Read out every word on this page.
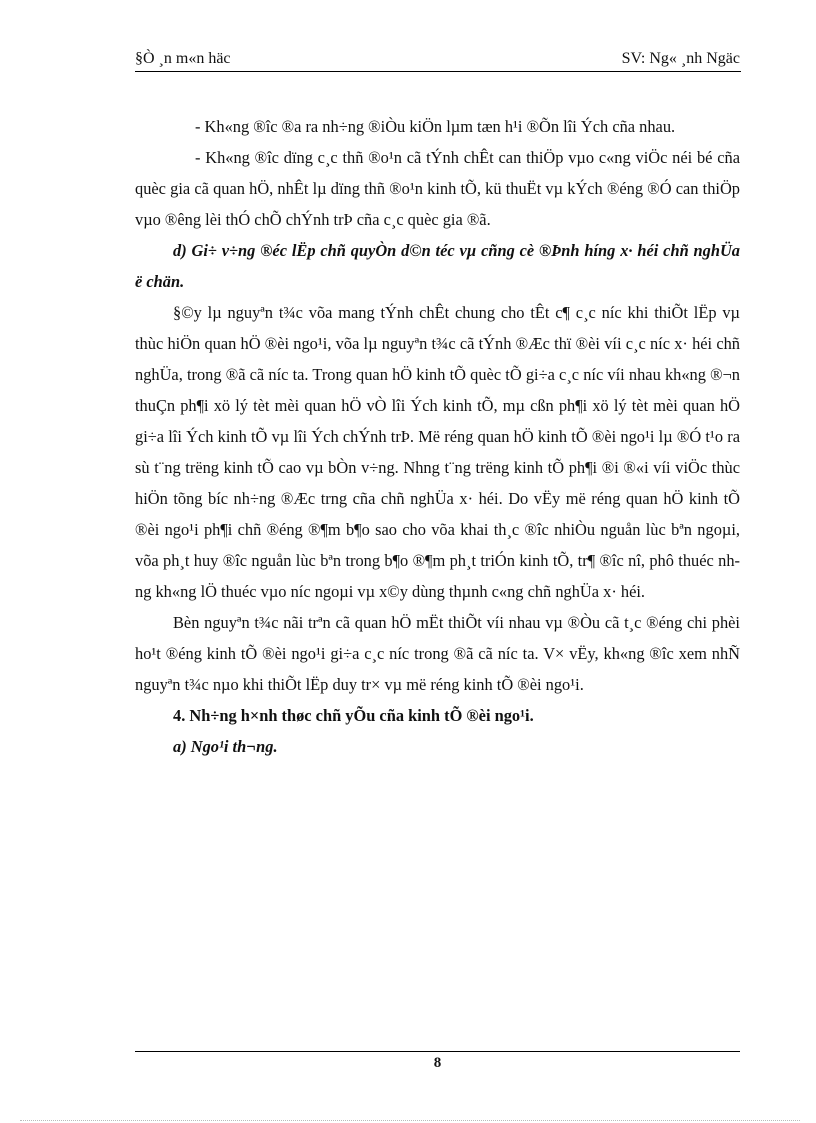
§Ò ¸n m«n häc	SV: Ng« ¸nh Ngäc

- Kh«ng ®îc ®a ra nh÷ng ®iÒu kiÖn lµm tæn h¹i ®Õn lîi Ých cña nhau.

- Kh«ng ®îc dïng c¸c thñ ®o¹n cã tÝnh chÊt can thiÖp vµo c«ng viÖc néi bé cña quèc gia cã quan hÖ, nhÊt lµ dïng thñ ®o¹n kinh tÕ, kü thuËt vµ kÝch ®éng ®Ó can thiÖp vµo ®êng lèi thÓ chÕ chÝnh trÞ cña c¸c quèc gia ®ã.

d) Gi÷ v÷ng ®éc lËp chñ quyÒn d©n téc vµ cñng cè ®Þnh híng x· héi chñ nghÜa ë chän.

§©y lµ nguyªn t¾c võa mang tÝnh chÊt chung cho tÊt c¶ c¸c níc khi thiÕt lËp vµ thùc hiÖn quan hÖ ®èi ngo¹i, võa lµ nguyªn t¾c cã tÝnh ®Æc thï ®èi víi c¸c níc x· héi chñ nghÜa, trong ®ã cã níc ta. Trong quan hÖ kinh tÕ quèc tÕ gi÷a c¸c níc víi nhau kh«ng ®¬n thuÇn ph¶i xö lý tèt mèi quan hÖ vÒ lîi Ých kinh tÕ, mµ cßn ph¶i xö lý tèt mèi quan hÖ gi÷a lîi Ých kinh tÕ vµ lîi Ých chÝnh trÞ. Më réng quan hÖ kinh tÕ ®èi ngo¹i lµ ®Ó t¹o ra sù t¨ng trëng kinh tÕ cao vµ bÒn v÷ng. Nhng t¨ng trëng kinh tÕ ph¶i ®i ®«i víi viÖc thùc hiÖn tõng bíc nh÷ng ®Æc trng cña chñ nghÜa x· héi. Do vËy më réng quan hÖ kinh tÕ ®èi ngo¹i ph¶i chñ ®éng ®¶m b¶o sao cho võa khai th¸c ®îc nhiÒu nguån lùc bªn ngoµi, võa ph¸t huy ®îc nguån lùc bªn trong b¶o ®¶m ph¸t triÓn kinh tÕ, tr¶ ®îc nî, phô thuéc nhng kh«ng lÖ thuéc vµo níc ngoµi vµ x©y dùng thµnh c«ng chñ nghÜa x· héi.

Bèn nguyªn t¾c nãi trªn cã quan hÖ mËt thiÕt víi nhau vµ ®Òu cã t¸c ®éng chi phèi ho¹t ®éng kinh tÕ ®èi ngo¹i gi÷a c¸c níc trong ®ã cã níc ta. V× vËy, kh«ng ®îc xem nhÑ nguyªn t¾c nµo khi thiÕt lËp duy tr× vµ më réng kinh tÕ ®èi ngo¹i.

4. Nh÷ng h×nh thøc chñ yÕu cña kinh tÕ ®èi ngo¹i.

a) Ngo¹i th¬ng.

8
